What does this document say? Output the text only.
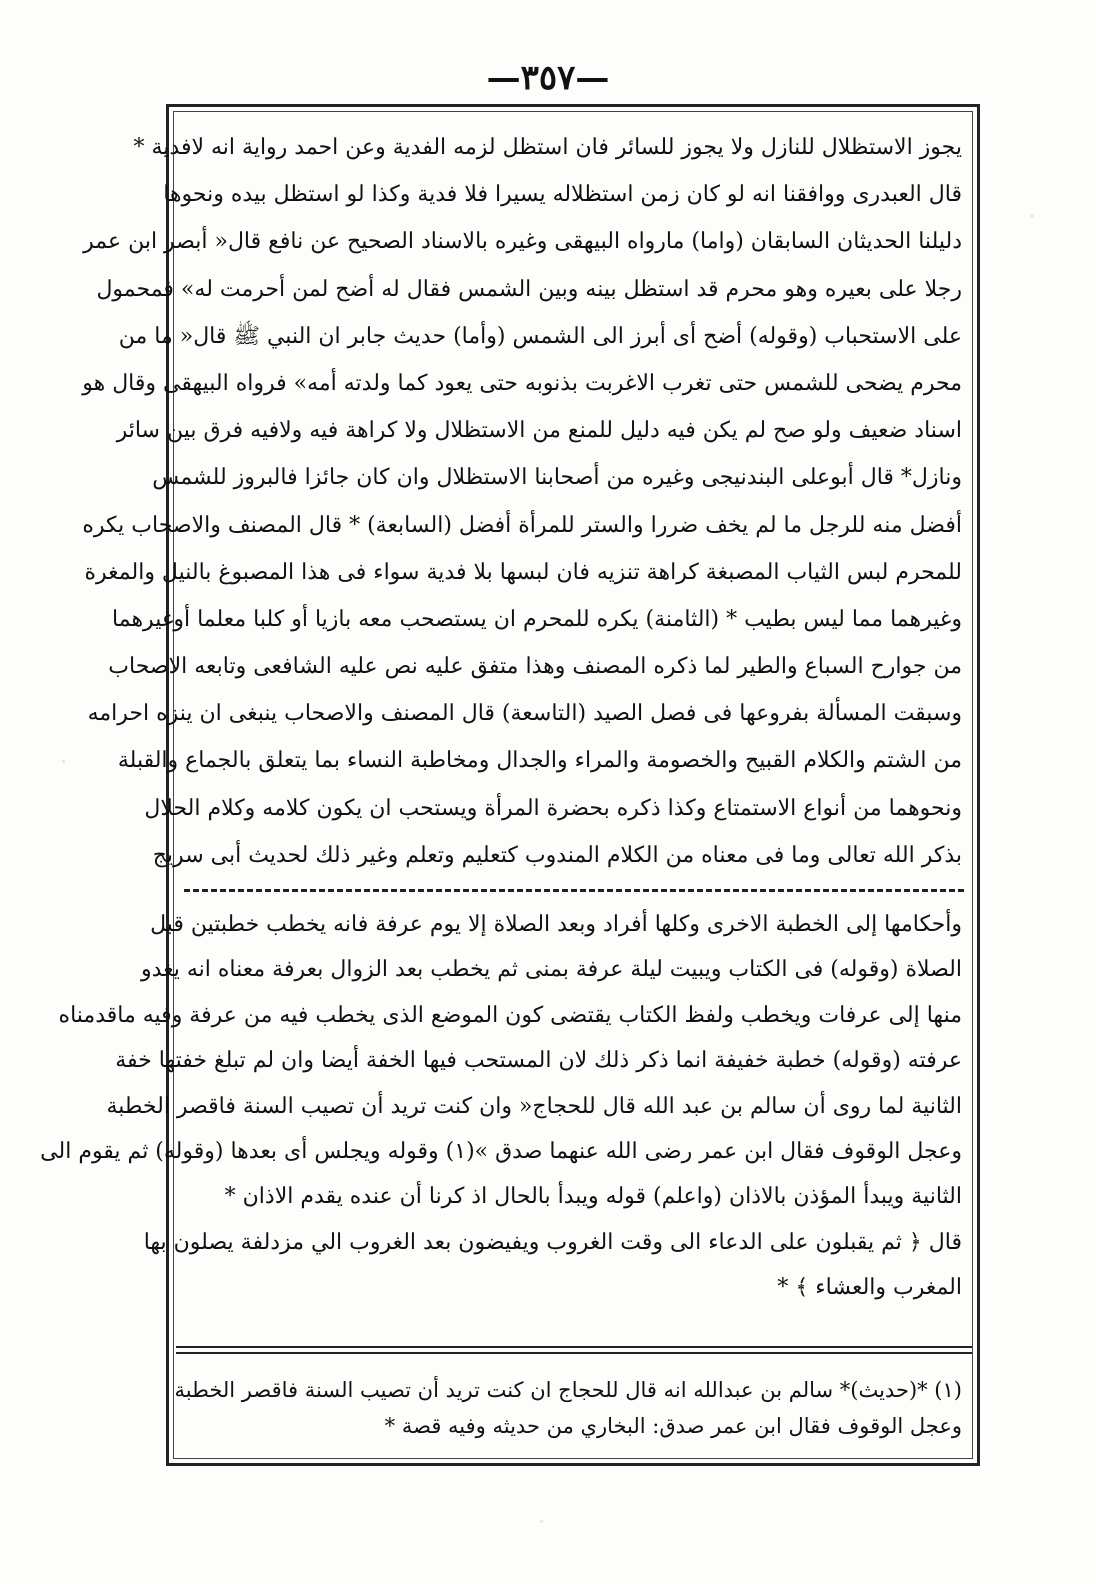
—٣٥٧—
يجوز الاستظلال للنازل ولا يجوز للسائر فان استظل لزمه الفدية وعن احمد رواية انه لافدية *
قال العبدرى ووافقنا انه لو كان زمن استظلاله يسيرا فلا فدية وكذا لو استظل بيده ونحوها
دليلنا الحديثان السابقان (واما) مارواه البيهقى وغيره بالاسناد الصحيح عن نافع قال« أبصر ابن عمر
رجلا على بعيره وهو محرم قد استظل بينه وبين الشمس فقال له أضح لمن أحرمت له» فمحمول
على الاستحباب (وقوله) أضح أى أبرز الى الشمس (وأما) حديث جابر ان النبي ﷺ قال« ما من
محرم يضحى للشمس حتى تغرب الاغربت بذنوبه حتى يعود كما ولدته أمه» فرواه البيهقى وقال هو
اسناد ضعيف ولو صح لم يكن فيه دليل للمنع من الاستظلال ولا كراهة فيه ولافيه فرق بين سائر
ونازل* قال أبوعلى البندنيجى وغيره من أصحابنا الاستظلال وان كان جائزا فالبروز للشمس
أفضل منه للرجل ما لم يخف ضررا والستر للمرأة أفضل (السابعة) * قال المصنف والاصحاب يكره
للمحرم لبس الثياب المصبغة كراهة تنزيه فان لبسها بلا فدية سواء فى هذا المصبوغ بالنيل والمغرة
وغيرهما مما ليس بطيب * (الثامنة) يكره للمحرم ان يستصحب معه بازيا أو كلبا معلما أوغيرهما
من جوارح السباع والطير لما ذكره المصنف وهذا متفق عليه نص عليه الشافعى وتابعه الاصحاب
وسبقت المسألة بفروعها فى فصل الصيد (التاسعة) قال المصنف والاصحاب ينبغى ان ينزه احرامه
من الشتم والكلام القبيح والخصومة والمراء والجدال ومخاطبة النساء بما يتعلق بالجماع والقبلة
ونحوهما من أنواع الاستمتاع وكذا ذكره بحضرة المرأة ويستحب ان يكون كلامه وكلام الحلال
بذكر الله تعالى وما فى معناه من الكلام المندوب كتعليم وتعلم وغير ذلك لحديث أبى سريج
وأحكامها إلى الخطبة الاخرى وكلها أفراد وبعد الصلاة إلا يوم عرفة فانه يخطب خطبتين قبل
الصلاة (وقوله) فى الكتاب ويبيت ليلة عرفة بمنى ثم يخطب بعد الزوال بعرفة معناه انه يغدو
منها إلى عرفات ويخطب ولفظ الكتاب يقتضى كون الموضع الذى يخطب فيه من عرفة وفيه ماقدمناه
عرفته (وقوله) خطبة خفيفة انما ذكر ذلك لان المستحب فيها الخفة أيضا وان لم تبلغ خفتها خفة
الثانية لما روى أن سالم بن عبد الله قال للحجاج« وان كنت تريد أن تصيب السنة فاقصر الخطبة
وعجل الوقوف فقال ابن عمر رضى الله عنهما صدق »(١) وقوله ويجلس أى بعدها (وقوله) ثم يقوم الى
الثانية ويبدأ المؤذن بالاذان (واعلم) قوله ويبدأ بالحال اذ كرنا أن عنده يقدم الاذان *
قال ﴿ ثم يقبلون على الدعاء الى وقت الغروب ويفيضون بعد الغروب الي مزدلفة يصلون بها
المغرب والعشاء ﴾ *
(١) *(حديث)* سالم بن عبدالله انه قال للحجاج ان كنت تريد أن تصيب السنة فاقصر الخطبة
وعجل الوقوف فقال ابن عمر صدق: البخاري من حديثه وفيه قصة *
